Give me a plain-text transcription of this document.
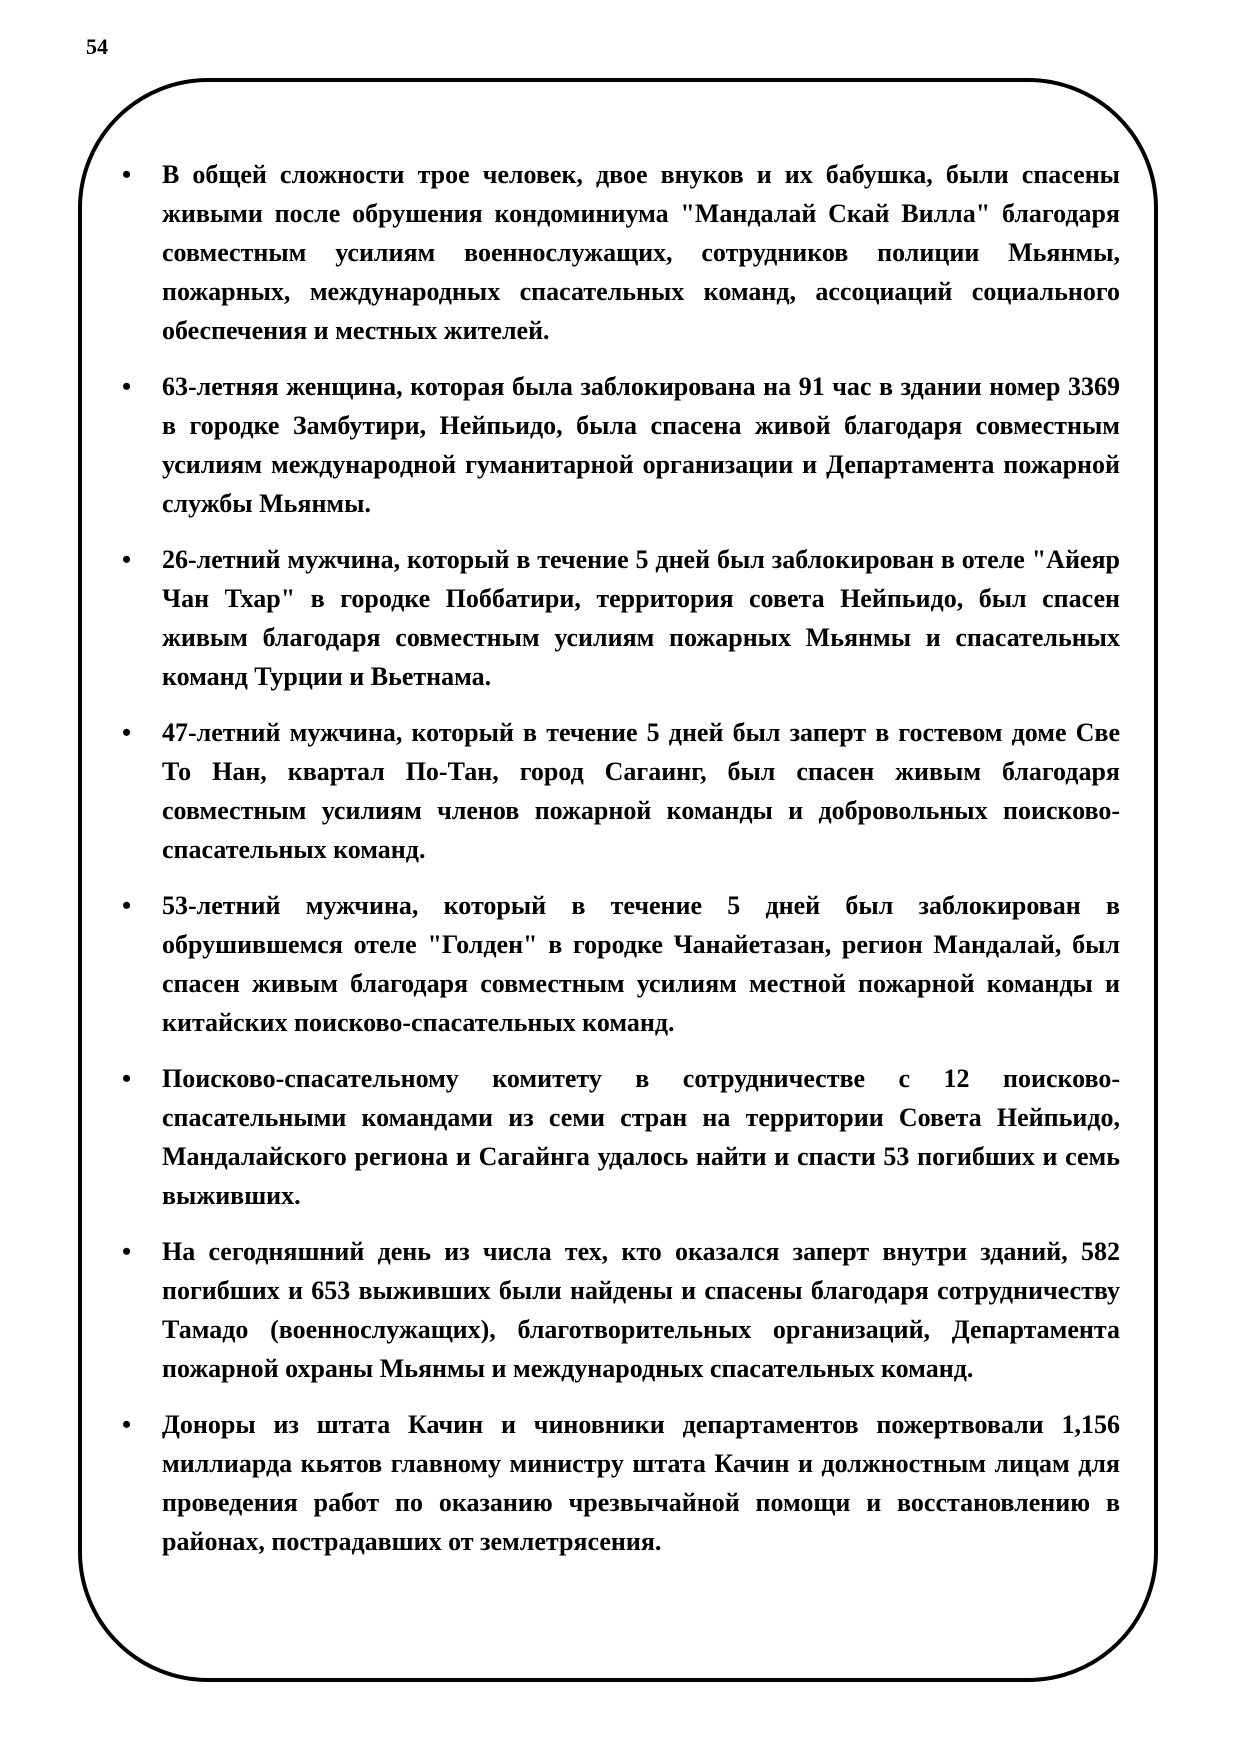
54
• В общей сложности трое человек, двое внуков и их бабушка, были спасены живыми после обрушения кондоминиума "Мандалай Скай Вилла" благодаря совместным усилиям военнослужащих, сотрудников полиции Мьянмы, пожарных, международных спасательных команд, ассоциаций социального обеспечения и местных жителей.
• 63-летняя женщина, которая была заблокирована на 91 час в здании номер 3369 в городке Замбутири, Нейпьидо, была спасена живой благодаря совместным усилиям международной гуманитарной организации и Департамента пожарной службы Мьянмы.
• 26-летний мужчина, который в течение 5 дней был заблокирован в отеле "Айеяр Чан Тхар" в городке Поббатири, территория совета Нейпьидо, был спасен живым благодаря совместным усилиям пожарных Мьянмы и спасательных команд Турции и Вьетнама.
• 47-летний мужчина, который в течение 5 дней был заперт в гостевом доме Све То Нан, квартал По-Тан, город Сагаинг, был спасен живым благодаря совместным усилиям членов пожарной команды и добровольных поисково-спасательных команд.
• 53-летний мужчина, который в течение 5 дней был заблокирован в обрушившемся отеле "Голден" в городке Чанайетазан, регион Мандалай, был спасен живым благодаря совместным усилиям местной пожарной команды и китайских поисково-спасательных команд.
• Поисково-спасательному комитету в сотрудничестве с 12 поисково-спасательными командами из семи стран на территории Совета Нейпьидо, Мандалайского региона и Сагайнга удалось найти и спасти 53 погибших и семь выживших.
• На сегодняшний день из числа тех, кто оказался заперт внутри зданий, 582 погибших и 653 выживших были найдены и спасены благодаря сотрудничеству Тамадо (военнослужащих), благотворительных организаций, Департамента пожарной охраны Мьянмы и международных спасательных команд.
• Доноры из штата Качин и чиновники департаментов пожертвовали 1,156 миллиарда кьятов главному министру штата Качин и должностным лицам для проведения работ по оказанию чрезвычайной помощи и восстановлению в районах, пострадавших от землетрясения.
